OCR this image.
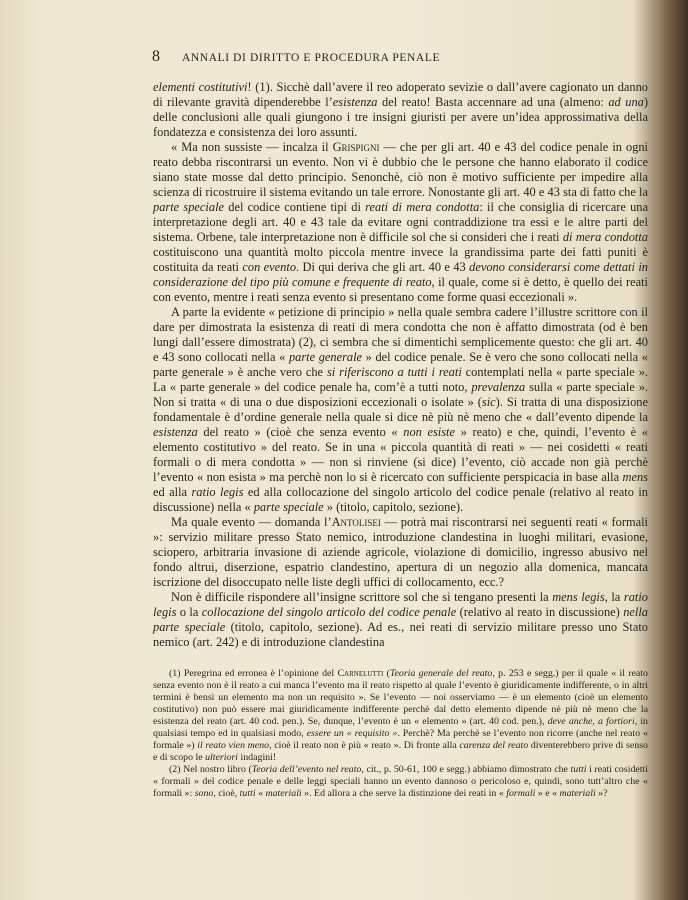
8 ANNALI DI DIRITTO E PROCEDURA PENALE

elementi costitutivi! (1). Sicchè dall’avere il reo adoperato sevizie o dall’avere cagionato un danno di rilevante gravità dipenderebbe l’esistenza del reato! Basta accennare ad una (almeno: ad una) delle conclusioni alle quali giungono i tre insigni giuristi per avere un’idea approssimativa della fondatezza e consistenza dei loro assunti.

« Ma non sussiste — incalza il Grispigni — che per gli art. 40 e 43 del codice penale in ogni reato debba riscontrarsi un evento. Non vi è dubbio che le persone che hanno elaborato il codice siano state mosse dal detto principio. Senonchè, ciò non è motivo sufficiente per impedire alla scienza di ricostruire il sistema evitando un tale errore. Nonostante gli art. 40 e 43 sta di fatto che la parte speciale del codice contiene tipi di reati di mera condotta: il che consiglia di ricercare una interpretazione degli art. 40 e 43 tale da evitare ogni contraddizione tra essi e le altre parti del sistema. Orbene, tale interpretazione non è difficile sol che si consideri che i reati di mera condotta costituiscono una quantità molto piccola mentre invece la grandissima parte dei fatti puniti è costituita da reati con evento. Di qui deriva che gli art. 40 e 43 devono considerarsi come dettati in considerazione del tipo più comune e frequente di reato, il quale, come si è detto, è quello dei reati con evento, mentre i reati senza evento si presentano come forme quasi eccezionali ».

A parte la evidente « petizione di principio » nella quale sembra cadere l’illustre scrittore con il dare per dimostrata la esistenza di reati di mera condotta che non è affatto dimostrata (od è ben lungi dall’essere dimostrata) (2), ci sembra che si dimentichi semplicemente questo: che gli art. 40 e 43 sono collocati nella « parte generale » del codice penale. Se è vero che sono collocati nella « parte generale » è anche vero che si riferiscono a tutti i reati contemplati nella « parte speciale ». La « parte generale » del codice penale ha, com’è a tutti noto, prevalenza sulla « parte speciale ». Non si tratta « di una o due disposizioni eccezionali o isolate » (sic). Si tratta di una disposizione fondamentale è d’ordine generale nella quale si dice nè più nè meno che « dall’evento dipende la esistenza del reato » (cioè che senza evento « non esiste » reato) e che, quindi, l’evento è « elemento costitutivo » del reato. Se in una « piccola quantità di reati » — nei cosidetti « reati formali o di mera condotta » — non si rinviene (si dice) l’evento, ciò accade non già perchè l’evento « non esista » ma perchè non lo si è ricercato con sufficiente perspicacia in base alla mens ed alla ratio legis ed alla collocazione del singolo articolo del codice penale (relativo al reato in discussione) nella « parte speciale » (titolo, capitolo, sezione).

Ma quale evento — domanda l’Antolisei — potrà mai riscontrarsi nei seguenti reati « formali »: servizio militare presso Stato nemico, introduzione clandestina in luoghi militari, evasione, sciopero, arbitraria invasione di aziende agricole, violazione di domicilio, ingresso abusivo nel fondo altrui, diserzione, espatrio clandestino, apertura di un negozio alla domenica, mancata iscrizione del disoccupato nelle liste degli uffici di collocamento, ecc.?

Non è difficile rispondere all’insigne scrittore sol che si tengano presenti la mens legis, la ratio legis o la collocazione del singolo articolo del codice penale (relativo al reato in discussione) nella parte speciale (titolo, capitolo, sezione). Ad es., nei reati di servizio militare presso uno Stato nemico (art. 242) e di introduzione clandestina

(1) Peregrina ed erronea è l’opinione del Carnelutti (Teoria generale del reato, p. 253 e segg.) per il quale « il reato senza evento non è il reato a cui manca l’evento ma il reato rispetto al quale l’evento è giuridicamente indifferente, o in altri termini è bensì un elemento ma non un requisito ». Se l’evento — noi osserviamo — è un elemento (cioè un elemento costitutivo) non può essere mai giuridicamente indifferente perchè dal detto elemento dipende nè più nè meno che la esistenza del reato (art. 40 cod. pen.). Se, dunque, l’evento è un « elemento » (art. 40 cod. pen.), deve anche, a fortiori, in qualsiasi tempo ed in qualsiasi modo, essere un « requisito ». Perchè? Ma perchè se l’evento non ricorre (anche nel reato « formale ») il reato vien meno, cioè il reato non è più « reato ». Di fronte alla carenza del reato diventerebbero prive di senso e di scopo le ulteriori indagini!

(2) Nel nostro libro (Teoria dell’evento nel reato, cit., p. 50-61, 100 e segg.) abbiamo dimostrato che tutti i reati cosidetti « formali » del codice penale e delle leggi speciali hanno un evento dannoso o pericoloso e, quindi, sono tutt’altro che « formali »: sono, cioè, tutti « materiali ». Ed allora a che serve la distinzione dei reati in « formali » e « materiali »?
